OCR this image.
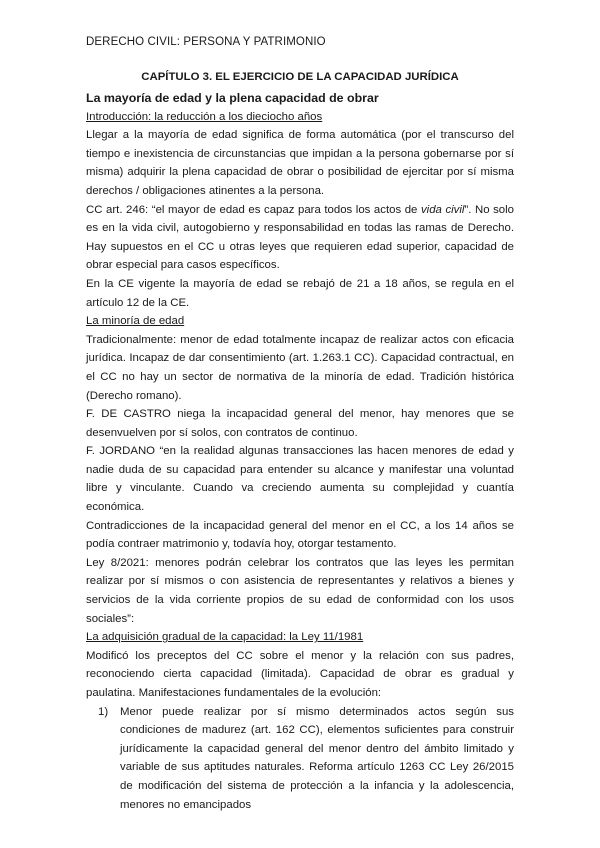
DERECHO CIVIL: PERSONA Y PATRIMONIO

CAPÍTULO 3. EL EJERCICIO DE LA CAPACIDAD JURÍDICA

La mayoría de edad y la plena capacidad de obrar

Introducción: la reducción a los dieciocho años

Llegar a la mayoría de edad significa de forma automática (por el transcurso del tiempo e inexistencia de circunstancias que impidan a la persona gobernarse por sí misma) adquirir la plena capacidad de obrar o posibilidad de ejercitar por sí misma derechos / obligaciones atinentes a la persona.

CC art. 246: “el mayor de edad es capaz para todos los actos de vida civil”. No solo es en la vida civil, autogobierno y responsabilidad en todas las ramas de Derecho. Hay supuestos en el CC u otras leyes que requieren edad superior, capacidad de obrar especial para casos específicos.

En la CE vigente la mayoría de edad se rebajó de 21 a 18 años, se regula en el artículo 12 de la CE.

La minoría de edad

Tradicionalmente: menor de edad totalmente incapaz de realizar actos con eficacia jurídica. Incapaz de dar consentimiento (art. 1.263.1 CC). Capacidad contractual, en el CC no hay un sector de normativa de la minoría de edad. Tradición histórica (Derecho romano).

F. DE CASTRO niega la incapacidad general del menor, hay menores que se desenvuelven por sí solos, con contratos de continuo.

F. JORDANO “en la realidad algunas transacciones las hacen menores de edad y nadie duda de su capacidad para entender su alcance y manifestar una voluntad libre y vinculante. Cuando va creciendo aumenta su complejidad y cuantía económica.

Contradicciones de la incapacidad general del menor en el CC, a los 14 años se podía contraer matrimonio y, todavía hoy, otorgar testamento.

Ley 8/2021: menores podrán celebrar los contratos que las leyes les permitan realizar por sí mismos o con asistencia de representantes y relativos a bienes y servicios de la vida corriente propios de su edad de conformidad con los usos sociales”:

La adquisición gradual de la capacidad: la Ley 11/1981

Modificó los preceptos del CC sobre el menor y la relación con sus padres, reconociendo cierta capacidad (limitada). Capacidad de obrar es gradual y paulatina. Manifestaciones fundamentales de la evolución:

1) Menor puede realizar por sí mismo determinados actos según sus condiciones de madurez (art. 162 CC), elementos suficientes para construir jurídicamente la capacidad general del menor dentro del ámbito limitado y variable de sus aptitudes naturales. Reforma artículo 1263 CC Ley 26/2015 de modificación del sistema de protección a la infancia y la adolescencia, menores no emancipados
